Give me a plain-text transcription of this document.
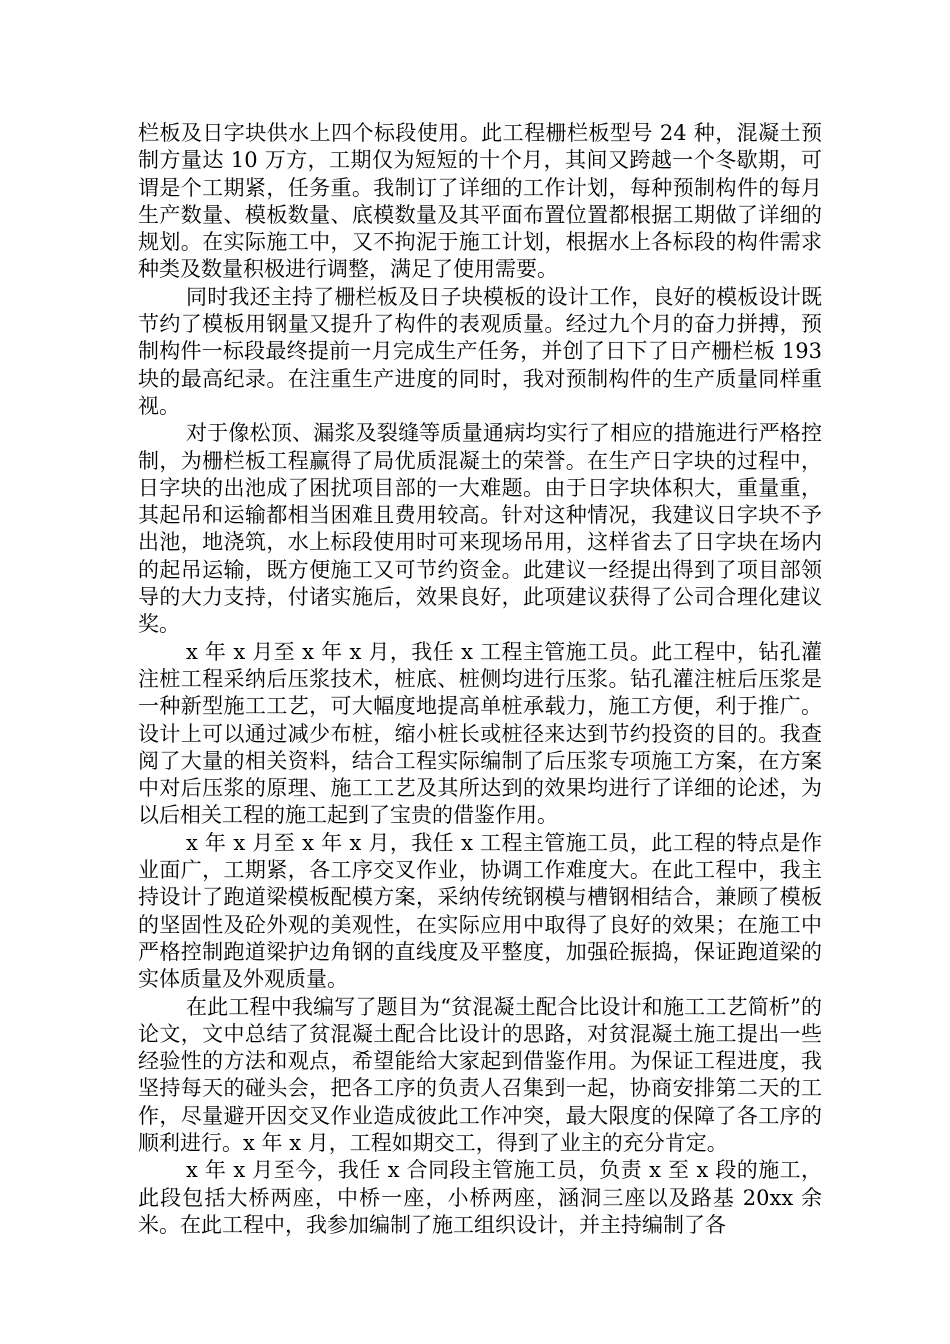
栏板及日字块供水上四个标段使用。此工程栅栏板型号 24 种，混凝土预制方量达 10 万方，工期仅为短短的十个月，其间又跨越一个冬歇期，可谓是个工期紧，任务重。我制订了详细的工作计划，每种预制构件的每月生产数量、模板数量、底模数量及其平面布置位置都根据工期做了详细的规划。在实际施工中，又不拘泥于施工计划，根据水上各标段的构件需求种类及数量积极进行调整，满足了使用需要。

同时我还主持了栅栏板及日子块模板的设计工作，良好的模板设计既节约了模板用钢量又提升了构件的表观质量。经过九个月的奋力拼搏，预制构件一标段最终提前一月完成生产任务，并创了日下了日产栅栏板 193 块的最高纪录。在注重生产进度的同时，我对预制构件的生产质量同样重视。

对于像松顶、漏浆及裂缝等质量通病均实行了相应的措施进行严格控制，为栅栏板工程赢得了局优质混凝土的荣誉。在生产日字块的过程中，日字块的出池成了困扰项目部的一大难题。由于日字块体积大，重量重，其起吊和运输都相当困难且费用较高。针对这种情况，我建议日字块不予出池，地浇筑，水上标段使用时可来现场吊用，这样省去了日字块在场内的起吊运输，既方便施工又可节约资金。此建议一经提出得到了项目部领导的大力支持，付诸实施后，效果良好，此项建议获得了公司合理化建议奖。

x 年 x 月至 x 年 x 月，我任 x 工程主管施工员。此工程中，钻孔灌注桩工程采纳后压浆技术，桩底、桩侧均进行压浆。钻孔灌注桩后压浆是一种新型施工工艺，可大幅度地提高单桩承载力，施工方便，利于推广。设计上可以通过减少布桩，缩小桩长或桩径来达到节约投资的目的。我查阅了大量的相关资料，结合工程实际编制了后压浆专项施工方案，在方案中对后压浆的原理、施工工艺及其所达到的效果均进行了详细的论述，为以后相关工程的施工起到了宝贵的借鉴作用。

x 年 x 月至 x 年 x 月，我任 x 工程主管施工员，此工程的特点是作业面广，工期紧，各工序交叉作业，协调工作难度大。在此工程中，我主持设计了跑道梁模板配模方案，采纳传统钢模与槽钢相结合，兼顾了模板的坚固性及砼外观的美观性，在实际应用中取得了良好的效果；在施工中严格控制跑道梁护边角钢的直线度及平整度，加强砼振捣，保证跑道梁的实体质量及外观质量。

在此工程中我编写了题目为“贫混凝土配合比设计和施工工艺简析”的论文，文中总结了贫混凝土配合比设计的思路，对贫混凝土施工提出一些经验性的方法和观点，希望能给大家起到借鉴作用。为保证工程进度，我坚持每天的碰头会，把各工序的负责人召集到一起，协商安排第二天的工作，尽量避开因交叉作业造成彼此工作冲突，最大限度的保障了各工序的顺利进行。x 年 x 月，工程如期交工，得到了业主的充分肯定。

x 年 x 月至今，我任 x 合同段主管施工员，负责 x 至 x 段的施工，此段包括大桥两座，中桥一座，小桥两座，涵洞三座以及路基 20xx 余米。在此工程中，我参加编制了施工组织设计，并主持编制了各
